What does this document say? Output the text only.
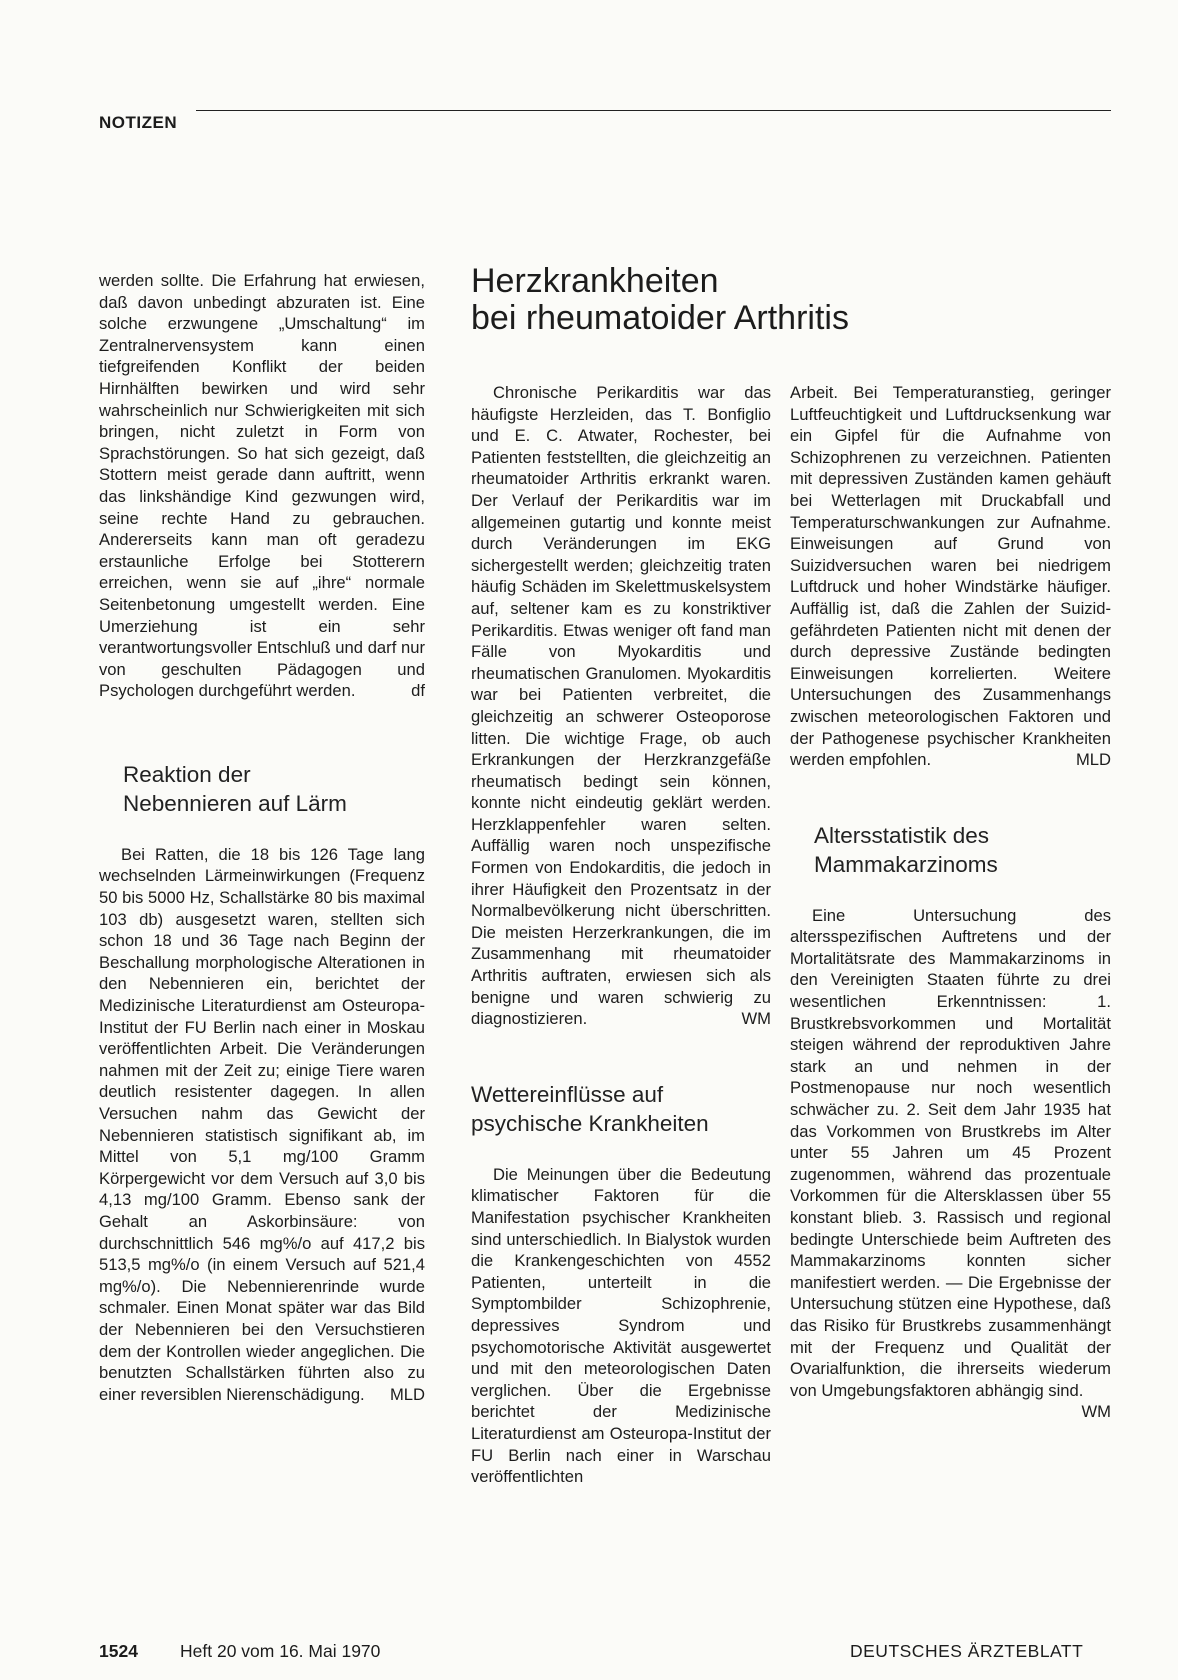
NOTIZEN

werden sollte. Die Erfahrung hat erwiesen, daß davon unbedingt abzuraten ist. Eine solche erzwungene „Umschaltung“ im Zentralnervensystem kann einen tiefgreifenden Konflikt der beiden Hirnhälften bewirken und wird sehr wahrscheinlich nur Schwierigkeiten mit sich bringen, nicht zuletzt in Form von Sprachstörungen. So hat sich gezeigt, daß Stottern meist gerade dann auftritt, wenn das linkshändige Kind gezwungen wird, seine rechte Hand zu gebrauchen. Andererseits kann man oft geradezu erstaunliche Erfolge bei Stotterern erreichen, wenn sie auf „ihre“ normale Seitenbetonung umgestellt werden. Eine Umerziehung ist ein sehr verantwortungsvoller Entschluß und darf nur von geschulten Pädagogen und Psychologen durchgeführt werden.	df

Reaktion der
Nebennieren auf Lärm

Bei Ratten, die 18 bis 126 Tage lang wechselnden Lärmeinwirkungen (Frequenz 50 bis 5000 Hz, Schallstärke 80 bis maximal 103 db) ausgesetzt waren, stellten sich schon 18 und 36 Tage nach Beginn der Beschallung morphologische Alterationen in den Nebennieren ein, berichtet der Medizinische Literaturdienst am Osteuropa-Institut der FU Berlin nach einer in Moskau veröffentlichten Arbeit. Die Veränderungen nahmen mit der Zeit zu; einige Tiere waren deutlich resistenter dagegen. In allen Versuchen nahm das Gewicht der Nebennieren statistisch signifikant ab, im Mittel von 5,1 mg/100 Gramm Körpergewicht vor dem Versuch auf 3,0 bis 4,13 mg/100 Gramm. Ebenso sank der Gehalt an Askorbinsäure: von durchschnittlich 546 mg%/o auf 417,2 bis 513,5 mg%/o (in einem Versuch auf 521,4 mg%/o). Die Nebennierenrinde wurde schmaler. Einen Monat später war das Bild der Nebennieren bei den Versuchstieren dem der Kontrollen wieder angeglichen. Die benutzten Schallstärken führten also zu einer reversiblen Nierenschädigung.	MLD

Herzkrankheiten
bei rheumatoider Arthritis

Chronische Perikarditis war das häufigste Herzleiden, das T. Bonfiglio und E. C. Atwater, Rochester, bei Patienten feststellten, die gleichzeitig an rheumatoider Arthritis erkrankt waren. Der Verlauf der Perikarditis war im allgemeinen gutartig und konnte meist durch Veränderungen im EKG sichergestellt werden; gleichzeitig traten häufig Schäden im Skelettmuskelsystem auf, seltener kam es zu konstriktiver Perikarditis. Etwas weniger oft fand man Fälle von Myokarditis und rheumatischen Granulomen. Myokarditis war bei Patienten verbreitet, die gleichzeitig an schwerer Osteoporose litten. Die wichtige Frage, ob auch Erkrankungen der Herzkranzgefäße rheumatisch bedingt sein können, konnte nicht eindeutig geklärt werden. Herzklappenfehler waren selten. Auffällig waren noch unspezifische Formen von Endokarditis, die jedoch in ihrer Häufigkeit den Prozentsatz in der Normalbevölkerung nicht überschritten. Die meisten Herzerkrankungen, die im Zusammenhang mit rheumatoider Arthritis auftraten, erwiesen sich als benigne und waren schwierig zu diagnostizieren.	WM

Wettereinflüsse auf
psychische Krankheiten

Die Meinungen über die Bedeutung klimatischer Faktoren für die Manifestation psychischer Krankheiten sind unterschiedlich. In Bialystok wurden die Krankengeschichten von 4552 Patienten, unterteilt in die Symptombilder Schizophrenie, depressives Syndrom und psychomotorische Aktivität ausgewertet und mit den meteorologischen Daten verglichen. Über die Ergebnisse berichtet der Medizinische Literaturdienst am Osteuropa-Institut der FU Berlin nach einer in Warschau veröffentlichten

Arbeit. Bei Temperaturanstieg, geringer Luftfeuchtigkeit und Luftdrucksenkung war ein Gipfel für die Aufnahme von Schizophrenen zu verzeichnen. Patienten mit depressiven Zuständen kamen gehäuft bei Wetterlagen mit Druckabfall und Temperaturschwankungen zur Aufnahme. Einweisungen auf Grund von Suizidversuchen waren bei niedrigem Luftdruck und hoher Windstärke häufiger. Auffällig ist, daß die Zahlen der Suizid-gefährdeten Patienten nicht mit denen der durch depressive Zustände bedingten Einweisungen korrelierten. Weitere Untersuchungen des Zusammenhangs zwischen meteorologischen Faktoren und der Pathogenese psychischer Krankheiten werden empfohlen.	MLD

Altersstatistik des
Mammakarzinoms

Eine Untersuchung des altersspezifischen Auftretens und der Mortalitätsrate des Mammakarzinoms in den Vereinigten Staaten führte zu drei wesentlichen Erkenntnissen: 1. Brustkrebsvorkommen und Mortalität steigen während der reproduktiven Jahre stark an und nehmen in der Postmenopause nur noch wesentlich schwächer zu. 2. Seit dem Jahr 1935 hat das Vorkommen von Brustkrebs im Alter unter 55 Jahren um 45 Prozent zugenommen, während das prozentuale Vorkommen für die Altersklassen über 55 konstant blieb. 3. Rassisch und regional bedingte Unterschiede beim Auftreten des Mammakarzinoms konnten sicher manifestiert werden. — Die Ergebnisse der Untersuchung stützen eine Hypothese, daß das Risiko für Brustkrebs zusammenhängt mit der Frequenz und Qualität der Ovarialfunktion, die ihrerseits wiederum von Umgebungsfaktoren abhängig sind.
WM

1524 Heft 20 vom 16. Mai 1970	DEUTSCHES ÄRZTEBLATT
